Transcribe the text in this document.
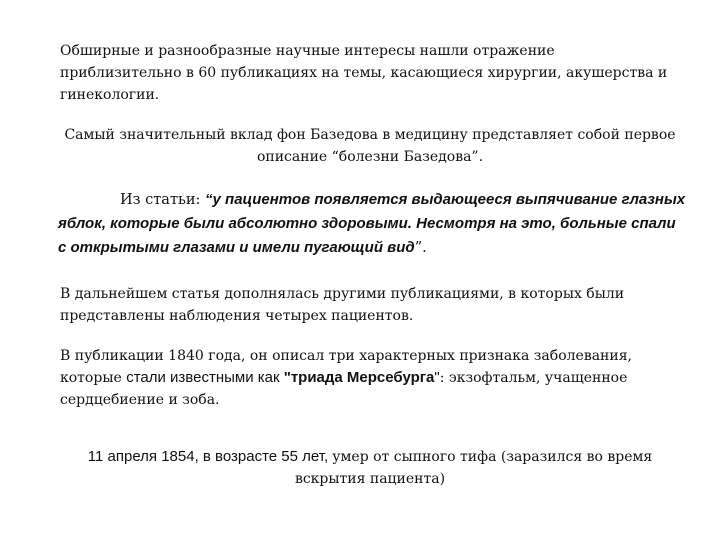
Обширные и разнообразные научные интересы нашли отражение приблизительно в 60 публикациях на темы, касающиеся хирургии, акушерства и гинекологии.
Самый значительный вклад фон Базедова в медицину представляет собой первое описание “болезни Базедова”.
Из статьи: “у пациентов появляется выдающееся выпячивание глазных яблок, которые были абсолютно здоровыми. Несмотря на это, больные спали с открытыми глазами и имели пугающий вид”.
В дальнейшем статья дополнялась другими публикациями, в которых были представлены наблюдения четырех пациентов.
В публикации 1840 года, он описал три характерных признака заболевания, которые стали известными как "триада Мерсебурга": экзофтальм, учащенное сердцебиение и зоба.
11 апреля 1854, в возрасте 55 лет, умер от сыпного тифа (заразился во время вскрытия пациента)
